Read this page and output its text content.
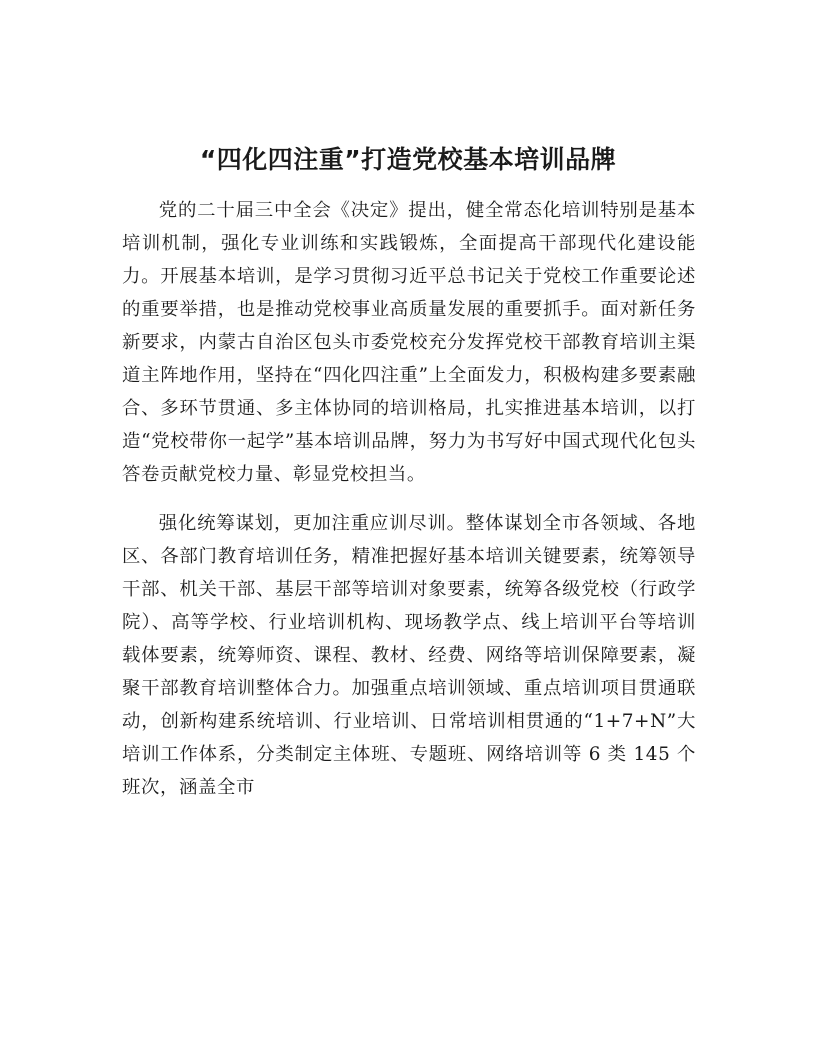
“四化四注重”打造党校基本培训品牌

党的二十届三中全会《决定》提出，健全常态化培训特别是基本培训机制，强化专业训练和实践锻炼，全面提高干部现代化建设能力。开展基本培训，是学习贯彻习近平总书记关于党校工作重要论述的重要举措，也是推动党校事业高质量发展的重要抓手。面对新任务新要求，内蒙古自治区包头市委党校充分发挥党校干部教育培训主渠道主阵地作用，坚持在“四化四注重”上全面发力，积极构建多要素融合、多环节贯通、多主体协同的培训格局，扎实推进基本培训，以打造“党校带你一起学”基本培训品牌，努力为书写好中国式现代化包头答卷贡献党校力量、彰显党校担当。

强化统筹谋划，更加注重应训尽训。整体谋划全市各领域、各地区、各部门教育培训任务，精准把握好基本培训关键要素，统筹领导干部、机关干部、基层干部等培训对象要素，统筹各级党校（行政学院）、高等学校、行业培训机构、现场教学点、线上培训平台等培训载体要素，统筹师资、课程、教材、经费、网络等培训保障要素，凝聚干部教育培训整体合力。加强重点培训领域、重点培训项目贯通联动，创新构建系统培训、行业培训、日常培训相贯通的“1+7+N”大培训工作体系，分类制定主体班、专题班、网络培训等 6 类 145 个班次，涵盖全市
